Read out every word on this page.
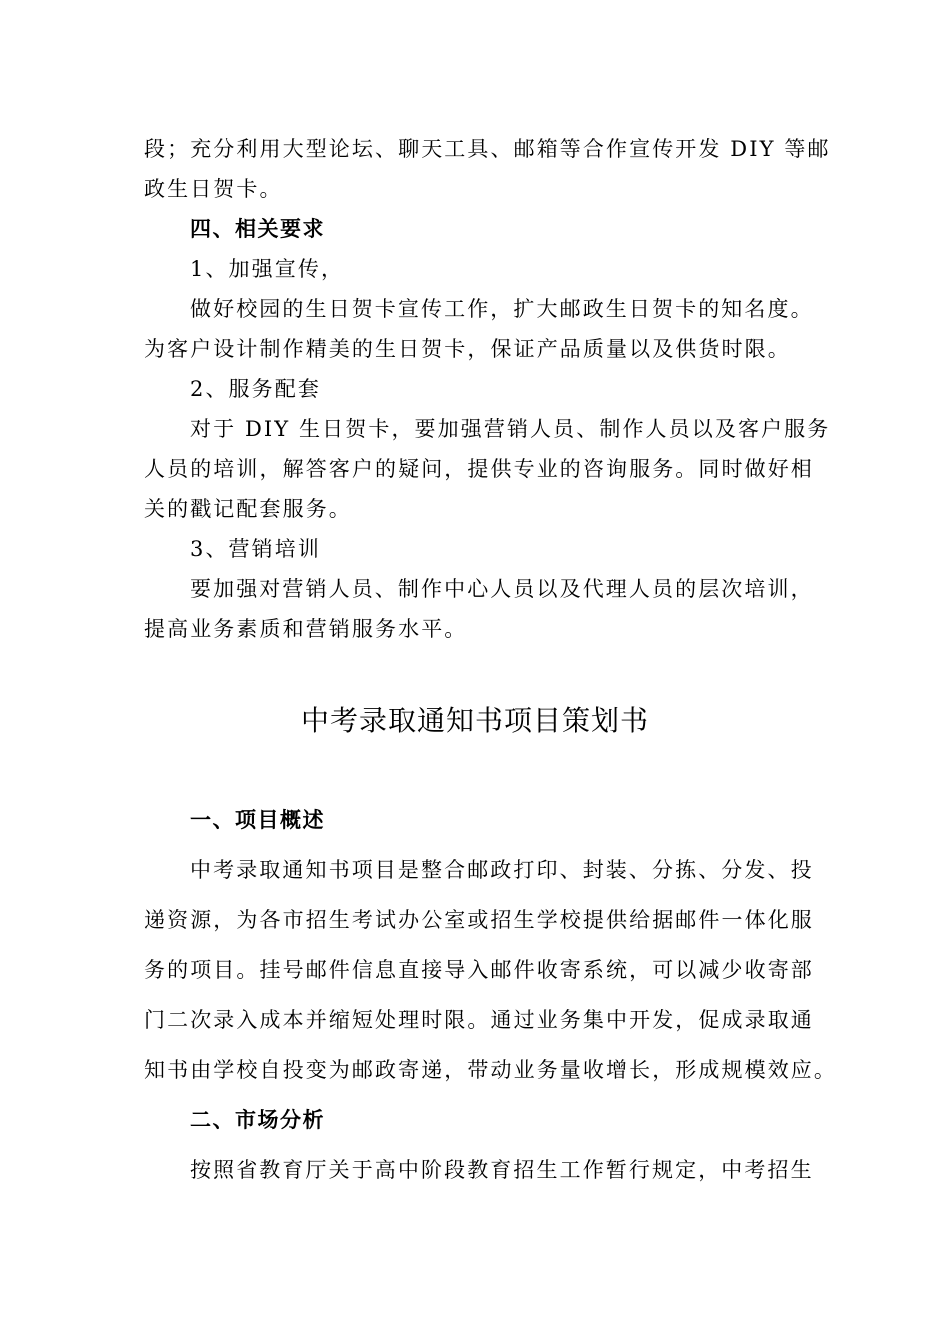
段；充分利用大型论坛、聊天工具、邮箱等合作宣传开发 DIY 等邮
政生日贺卡。
四、相关要求
1、加强宣传，
做好校园的生日贺卡宣传工作，扩大邮政生日贺卡的知名度。
为客户设计制作精美的生日贺卡，保证产品质量以及供货时限。
2、服务配套
对于 DIY 生日贺卡，要加强营销人员、制作人员以及客户服务
人员的培训，解答客户的疑问，提供专业的咨询服务。同时做好相
关的戳记配套服务。
3、营销培训
要加强对营销人员、制作中心人员以及代理人员的层次培训，
提高业务素质和营销服务水平。
中考录取通知书项目策划书
一、项目概述
中考录取通知书项目是整合邮政打印、封装、分拣、分发、投
递资源，为各市招生考试办公室或招生学校提供给据邮件一体化服
务的项目。挂号邮件信息直接导入邮件收寄系统，可以减少收寄部
门二次录入成本并缩短处理时限。通过业务集中开发，促成录取通
知书由学校自投变为邮政寄递，带动业务量收增长，形成规模效应。
二、市场分析
按照省教育厅关于高中阶段教育招生工作暂行规定，中考招生
